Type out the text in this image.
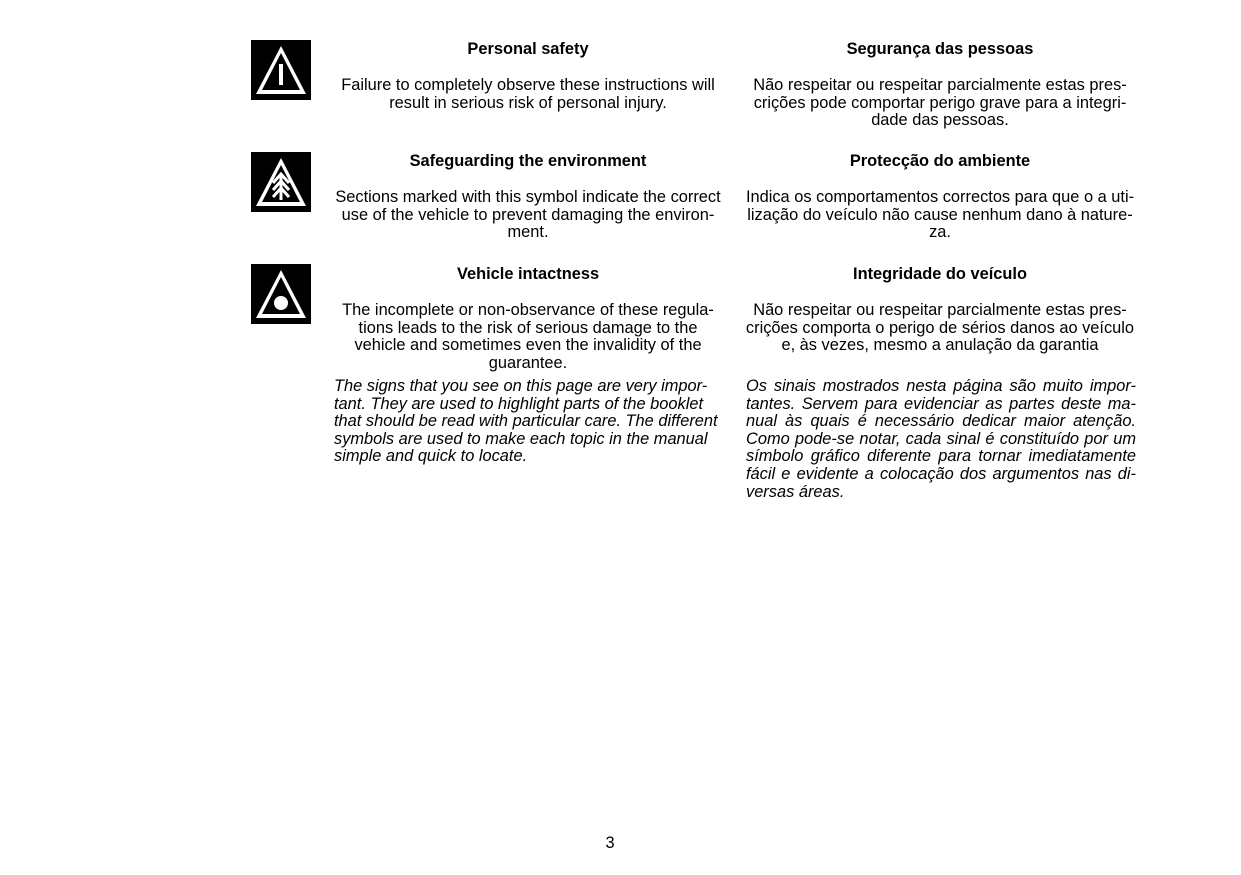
Personal safety
Failure to completely observe these instructions will result in serious risk of personal injury.
Segurança das pessoas
Não respeitar ou respeitar parcialmente estas pres-crições pode comportar perigo grave para a integri-dade das pessoas.
Safeguarding the environment
Sections marked with this symbol indicate the correct use of the vehicle to prevent damaging the environ-ment.
Protecção do ambiente
Indica os comportamentos correctos para que o a uti-lização do veículo não cause nenhum dano à nature-za.
Vehicle intactness
The incomplete or non-observance of these regula-tions leads to the risk of serious damage to the vehicle and sometimes even the invalidity of the guarantee.
Integridade do veículo
Não respeitar ou respeitar parcialmente estas pres-crições comporta o perigo de sérios danos ao veículo e, às vezes, mesmo a anulação da garantia
The signs that you see on this page are very impor-tant. They are used to highlight parts of the booklet that should be read with particular care. The different symbols are used to make each topic in the manual simple and quick to locate.
Os sinais mostrados nesta página são muito impor-tantes. Servem para evidenciar as partes deste ma-nual às quais é necessário dedicar maior atenção. Como pode-se notar, cada sinal é constituído por um símbolo gráfico diferente para tornar imediatamente fácil e evidente a colocação dos argumentos nas di-versas áreas.
3
